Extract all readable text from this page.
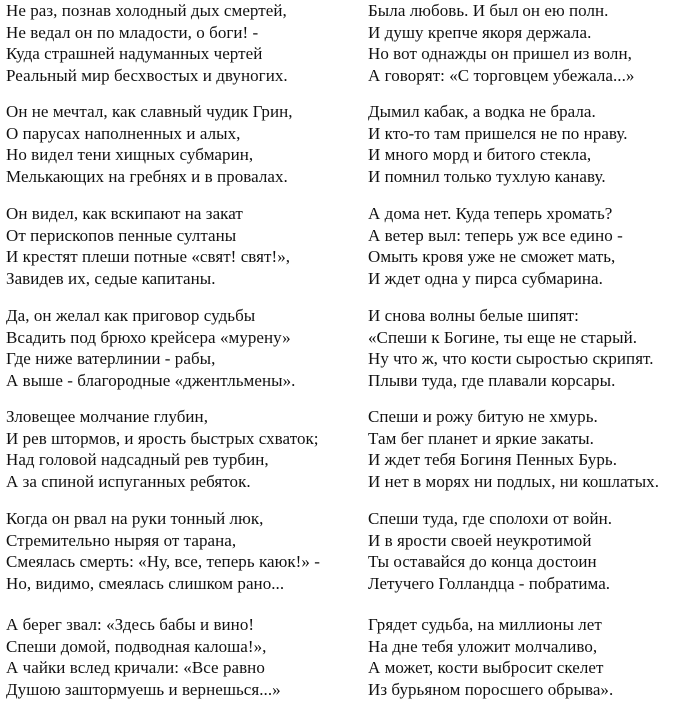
Не раз, познав холодный дых смертей,
Не ведал он по младости, о боги! -
Куда страшней надуманных чертей
Реальный мир бесхвостых и двуногих.
Он не мечтал, как славный чудик Грин,
О парусах наполненных и алых,
Но видел тени хищных субмарин,
Мелькающих на гребнях и в провалах.
Он видел, как вскипают на закат
От перископов пенные султаны
И крестят плеши потные «свят! свят!»,
Завидев их, седые капитаны.
Да, он желал как приговор судьбы
Всадить под брюхо крейсера «мурену»
Где ниже ватерлинии - рабы,
А выше - благородные «джентльмены».
Зловещее молчание глубин,
И рев штормов, и ярость быстрых схваток;
Над головой надсадный рев турбин,
А за спиной испуганных ребяток.
Когда он рвал на руки тонный люк,
Стремительно ныряя от тарана,
Смеялась смерть: «Ну, все, теперь каюк!» -
Но, видимо, смеялась слишком рано...
А берег звал: «Здесь бабы и вино!
Спеши домой, подводная калоша!»,
А чайки вслед кричали: «Все равно
Душою заштормуешь и вернешься...»
Была любовь. И был он ею полн.
И душу крепче якоря держала.
Но вот однажды он пришел из волн,
А говорят: «С торговцем убежала...»
Дымил кабак, а водка не брала.
И кто-то там пришелся не по нраву.
И много морд и битого стекла,
И помнил только тухлую канаву.
А дома нет. Куда теперь хромать?
А ветер выл: теперь уж все едино -
Омыть кровя уже не сможет мать,
И ждет одна у пирса субмарина.
И снова волны белые шипят:
«Спеши к Богине, ты еще не старый.
Ну что ж, что кости сыростью скрипят.
Плыви туда, где плавали корсары.
Спеши и рожу битую не хмурь.
Там бег планет и яркие закаты.
И ждет тебя Богиня Пенных Бурь.
И нет в морях ни подлых, ни кошлатых.
Спеши туда, где сполохи от войн.
И в ярости своей неукротимой
Ты оставайся до конца достоин
Летучего Голландца - побратима.
Грядет судьба, на миллионы лет
На дне тебя уложит молчаливо,
А может, кости выбросит скелет
Из бурьяном поросшего обрыва».
